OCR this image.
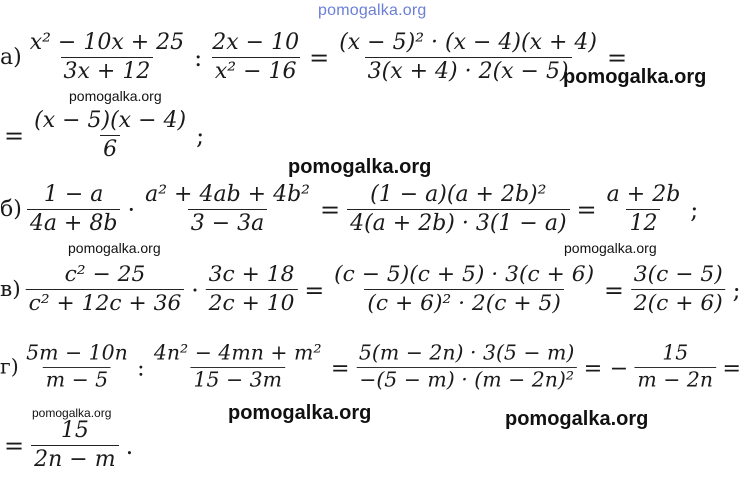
pomogalka.org
$а) \frac{\text{x² − 10x + 25}}{3x + 12}$ : $\frac{2x - 10}{\text{x² − 16}} = \frac{\text{(x − 5)² · (x − 4)(x + 4)}}{3(x + 4) \cdot 2(x - 5)}$ =
= $\frac{(x - 5)(x - 4)}{6}$ ;
$б) \frac{1 - a}{4a + 8b} \cdot \frac{\text{a² + 4ab + 4b²}}{3 - 3a} = \frac{\text{(1 − a)(a + 2b)²}}{4(a + 2b) \cdot 3(1 - a)} = \frac{a + 2b}{12}$ ;
$в) \frac{\text{c² − 25}}{\text{c² + 12c + 36}} \cdot \frac{3c + 18}{2c + 10} = \frac{(c - 5)(c + 5) \cdot 3(c + 6)}{\text{(c + 6)² · 2(c + 5)}} = \frac{3(c - 5)}{2(c + 6)}$ ;
$г) \frac{5m - 10n}{m - 5}$ : $\frac{\text{4n² − 4mn + m²}}{15 - 3m} = \frac{5(m - 2n) \cdot 3(5 - m)}{\text{−(5 − m) · (m − 2n)²}}$ = − $\frac{15}{m - 2n}$ =
= $\frac{15}{2n - m}$ .
pomogalka.org
pomogalka.org
pomogalka.org
pomogalka.org	pomogalka.org
pomogalka.org	pomogalka.org	pomogalka.org
